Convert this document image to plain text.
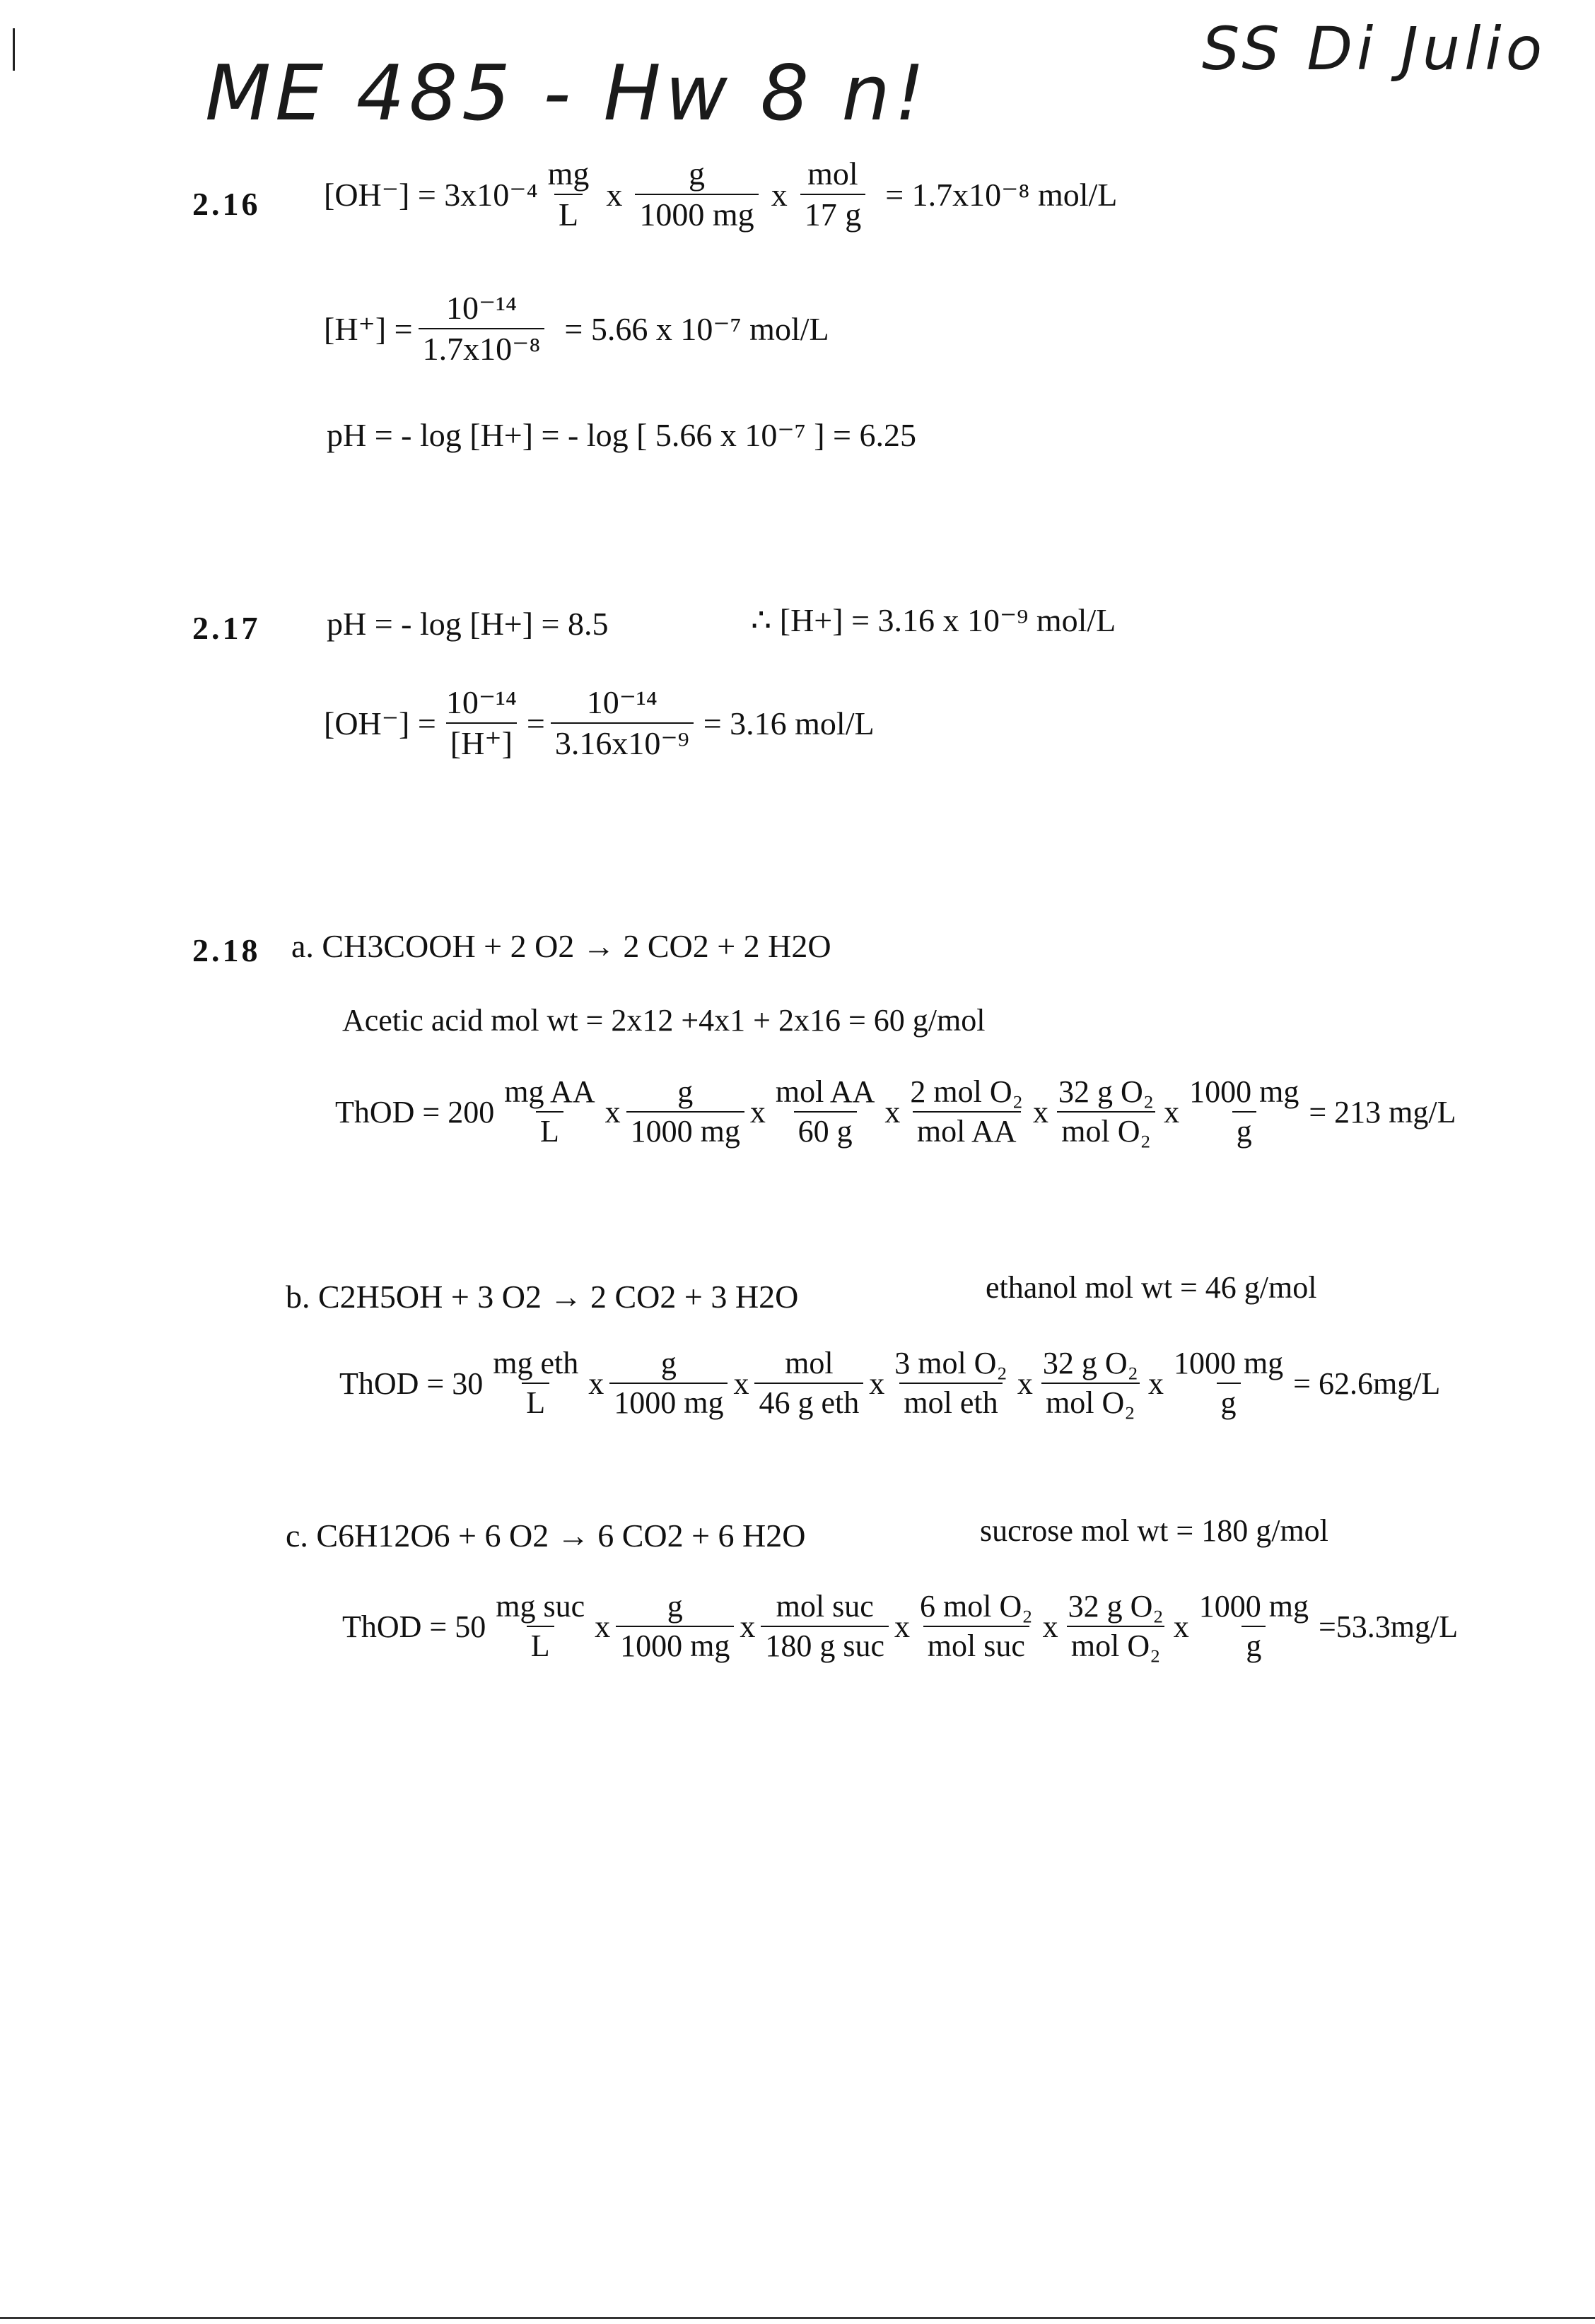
ME 485 - Hw 8 n!
SS Di Julio
2.16 $[OH^-] = 3x10^{-4} \frac{mg}{L}$ x $\frac{g}{1000 mg}$ x $\frac{\text{mol}}{17 g} = 1.7x10^{-8}$ mol/L
$[H^+] = \frac{\text{10⁻¹⁴}}{\text{1.7x10⁻⁸}} = 5.66$ x 10⁻⁷ mol/L
pH = - log [H+] = - log [ 5.66 x 10⁻⁷ ] = 6.25
2.17 pH = - log [H+] = 8.5	∴ [H+] = 3.16 x 10⁻⁹ mol/L
$[OH^-] = \frac{\text{10⁻¹⁴}}{[H^+]} = \frac{\text{10⁻¹⁴}}{\text{3.16x10⁻⁹}} = 3.16$ mol/L
2.18 a. CH3COOH + 2 O2 → 2 CO2 + 2 H2O
Acetic acid mol wt = 2x12 +4x1 + 2x16 = 60 g/mol
ThOD = $200 \frac{\text{mg AA}}{L}$ x $\frac{g}{1000 mg}$ x $\frac{\text{mol AA}}{60 g}$ x $\frac{\text{2 mol O₂}}{\text{mol AA}}$ x $\frac{\text{32 g O₂}}{\text{mol O₂}}$ x $\frac{1000 mg}{g} = 213$ mg/L
b. C2H5OH + 3 O2 → 2 CO2 + 3 H2O	ethanol mol wt = 46 g/mol
ThOD = $30 \frac{\text{mg eth}}{L}$ x $\frac{g}{1000 mg}$ x $\frac{\text{mol}}{\text{46 g eth}}$ x $\frac{\text{3 mol O₂}}{\text{mol eth}}$ x $\frac{\text{32 g O₂}}{\text{mol O₂}}$ x $\frac{1000 mg}{g} = 62.6mg/L$
c. C6H12O6 + 6 O2 → 6 CO2 + 6 H2O	sucrose mol wt = 180 g/mol
ThOD = $50 \frac{\text{mg suc}}{L}$ x $\frac{g}{1000 mg}$ x $\frac{\text{mol suc}}{\text{180 g suc}}$ x $\frac{\text{6 mol O₂}}{\text{mol suc}}$ x $\frac{\text{32 g O₂}}{\text{mol O₂}}$ x $\frac{1000 mg}{g} =53.3mg/L$
